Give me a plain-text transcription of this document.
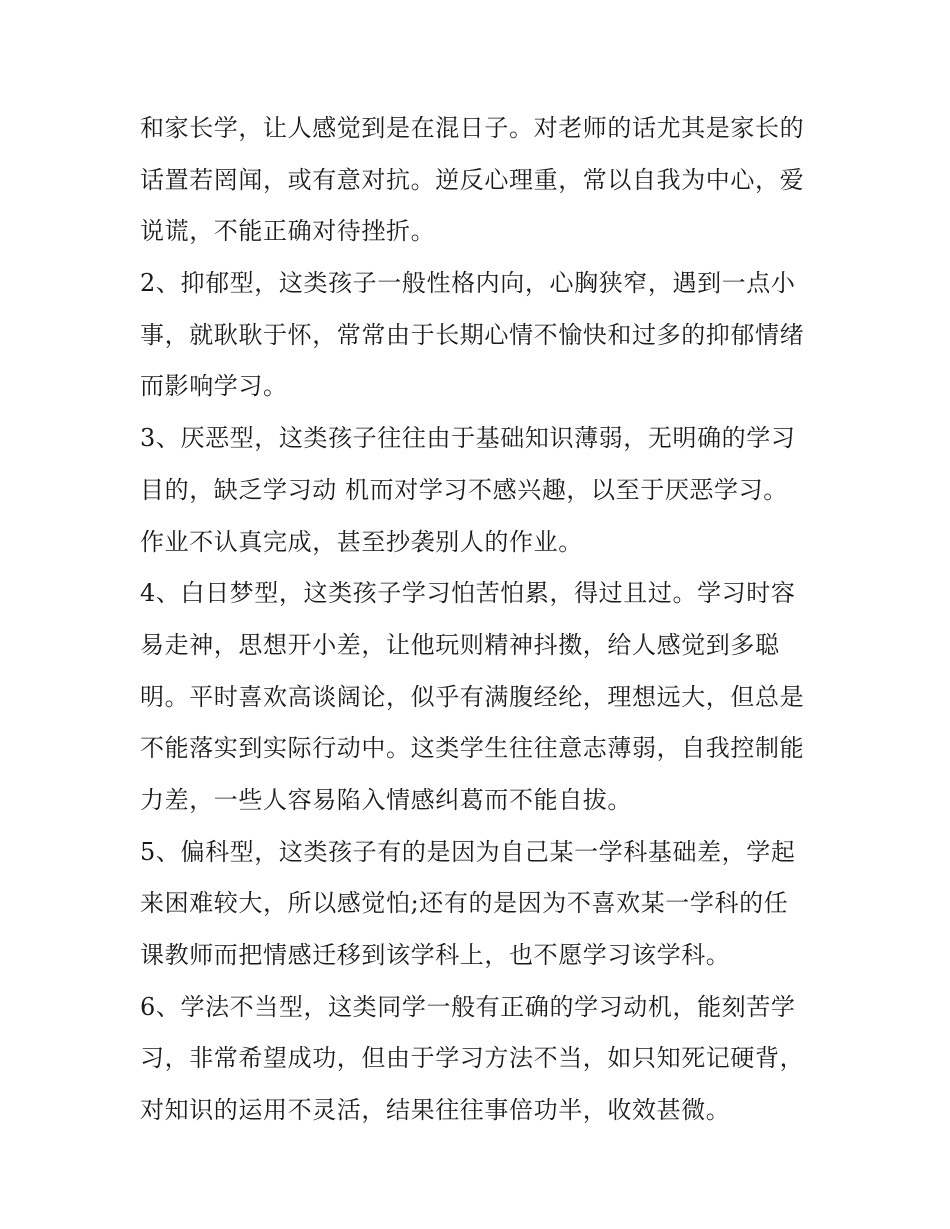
和家长学，让人感觉到是在混日子。对老师的话尤其是家长的
话置若罔闻，或有意对抗。逆反心理重，常以自我为中心，爱
说谎，不能正确对待挫折。
2、抑郁型，这类孩子一般性格内向，心胸狭窄，遇到一点小
事，就耿耿于怀，常常由于长期心情不愉快和过多的抑郁情绪
而影响学习。
3、厌恶型，这类孩子往往由于基础知识薄弱，无明确的学习
目的，缺乏学习动 机而对学习不感兴趣，以至于厌恶学习。
作业不认真完成，甚至抄袭别人的作业。
4、白日梦型，这类孩子学习怕苦怕累，得过且过。学习时容
易走神，思想开小差，让他玩则精神抖擞，给人感觉到多聪
明。平时喜欢高谈阔论，似乎有满腹经纶，理想远大，但总是
不能落实到实际行动中。这类学生往往意志薄弱，自我控制能
力差，一些人容易陷入情感纠葛而不能自拔。
5、偏科型，这类孩子有的是因为自己某一学科基础差，学起
来困难较大，所以感觉怕;还有的是因为不喜欢某一学科的任
课教师而把情感迁移到该学科上，也不愿学习该学科。
6、学法不当型，这类同学一般有正确的学习动机，能刻苦学
习，非常希望成功，但由于学习方法不当，如只知死记硬背，
对知识的运用不灵活，结果往往事倍功半，收效甚微。
